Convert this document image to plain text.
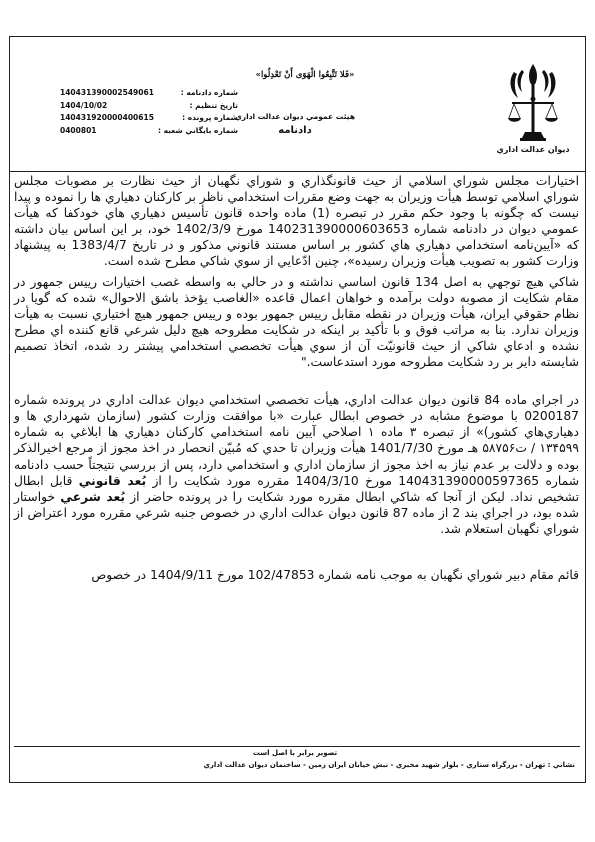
ديوان عدالت اداري
«فَلا تَتَّبِعُوا الْهَوَى أَنْ تَعْدِلُوا»
هيئت عمومي ديوان عدالت اداري
دادنامه
140431390002549061	شماره دادنامه :
1404/10/02	تاريخ تنظيم :
140431920000400615	شماره پرونده :
0400801	شماره بايگاني شعبه :

اختيارات مجلس شوراي اسلامي از حيث قانونگذاري و شوراي نگهبان از حيث نظارت بر مصوبات مجلس شوراي اسلامي توسط هيأت وزيران به جهت وضع مقررات استخدامي ناظر بر كاركنان دهياري ها را نموده و پيدا نيست كه چگونه با وجود حكم مقرر در تبصره (1) ماده واحده قانون تأسيس دهياري هاي خودكفا كه هيأت عمومي ديوان در دادنامه شماره 140231390000603653 مورخ 1402/3/9 خود، بر اين اساس بيان داشته كه «آيين‌نامه استخدامي دهياري هاي كشور بر اساس مستند قانوني مذكور و در تاريخ 1383/4/7 به پيشنهاد وزارت كشور به تصويب هيأت وزيران رسيده»، چنين ادّعايي از سوي شاكي مطرح شده است.

شاكي هيچ توجهي به اصل 134 قانون اساسي نداشته و در حالي به واسطه غصب اختيارات رييس جمهور در مقام شكايت از مصوبه دولت برآمده و خواهان اعمال قاعده «الغاصب يؤخذ باشق الاحوال» شده كه گويا در نظام حقوقي ايران، هيأت وزيران در نقطه مقابل رييس جمهور بوده و رييس جمهور هيچ اختياري نسبت به هيأت وزيران ندارد. بنا به مراتب فوق و با تأكيد بر اينكه در شكايت مطروحه هيچ دليل شرعي قانع كننده اي مطرح نشده و ادعاي شاكي از حيث قانونيّت آن از سوي هيأت تخصصي استخدامي پيشتر رد شده، اتخاذ تصميم شايسته داير بر رد شكايت مطروحه مورد استدعاست."

در اجراي ماده 84 قانون ديوان عدالت اداري، هيأت تخصصي استخدامي ديوان عدالت اداري در پرونده شماره 0200187 با موضوع مشابه در خصوص ابطال عبارت «با موافقت وزارت كشور (سازمان شهرداري ها و دهياري‌هاي كشور)» از تبصره ۳ ماده ۱ اصلاحي آيين نامه استخدامي كاركنان دهياري ها ابلاغي به شماره ۱۳۴۵۹۹ / ت۵۸۷۵۶ هـ مورخ 1401/7/30 هيأت وزيران تا حدي كه مُبيّن انحصار در اخذ مجوز از مرجع اخيرالذكر بوده و دلالت بر عدم نياز به اخذ مجوز از سازمان اداري و استخدامي دارد، پس از بررسي نتيجتاً حسب دادنامه شماره 140431390000597365 مورخ 1404/3/10 مقرره مورد شكايت را از بُعد قانوني قابل ابطال تشخيص نداد. ليكن از آنجا كه شاكي ابطال مقرره مورد شكايت را در پرونده حاضر از بُعد شرعي خواستار شده بود، در اجراي بند 2 از ماده 87 قانون ديوان عدالت اداري در خصوص جنبه شرعي مقرره مورد اعتراض از شوراي نگهبان استعلام شد.

قائم مقام دبير شوراي نگهبان به موجب نامه شماره 102/47853 مورخ 1404/9/11 در خصوص

تصوير برابر با اصل است
نشاني : تهران - بزرگراه ستاري - بلوار شهيد مخبري - نبش خيابان ايران زمين - ساختمان ديوان عدالت اداري
